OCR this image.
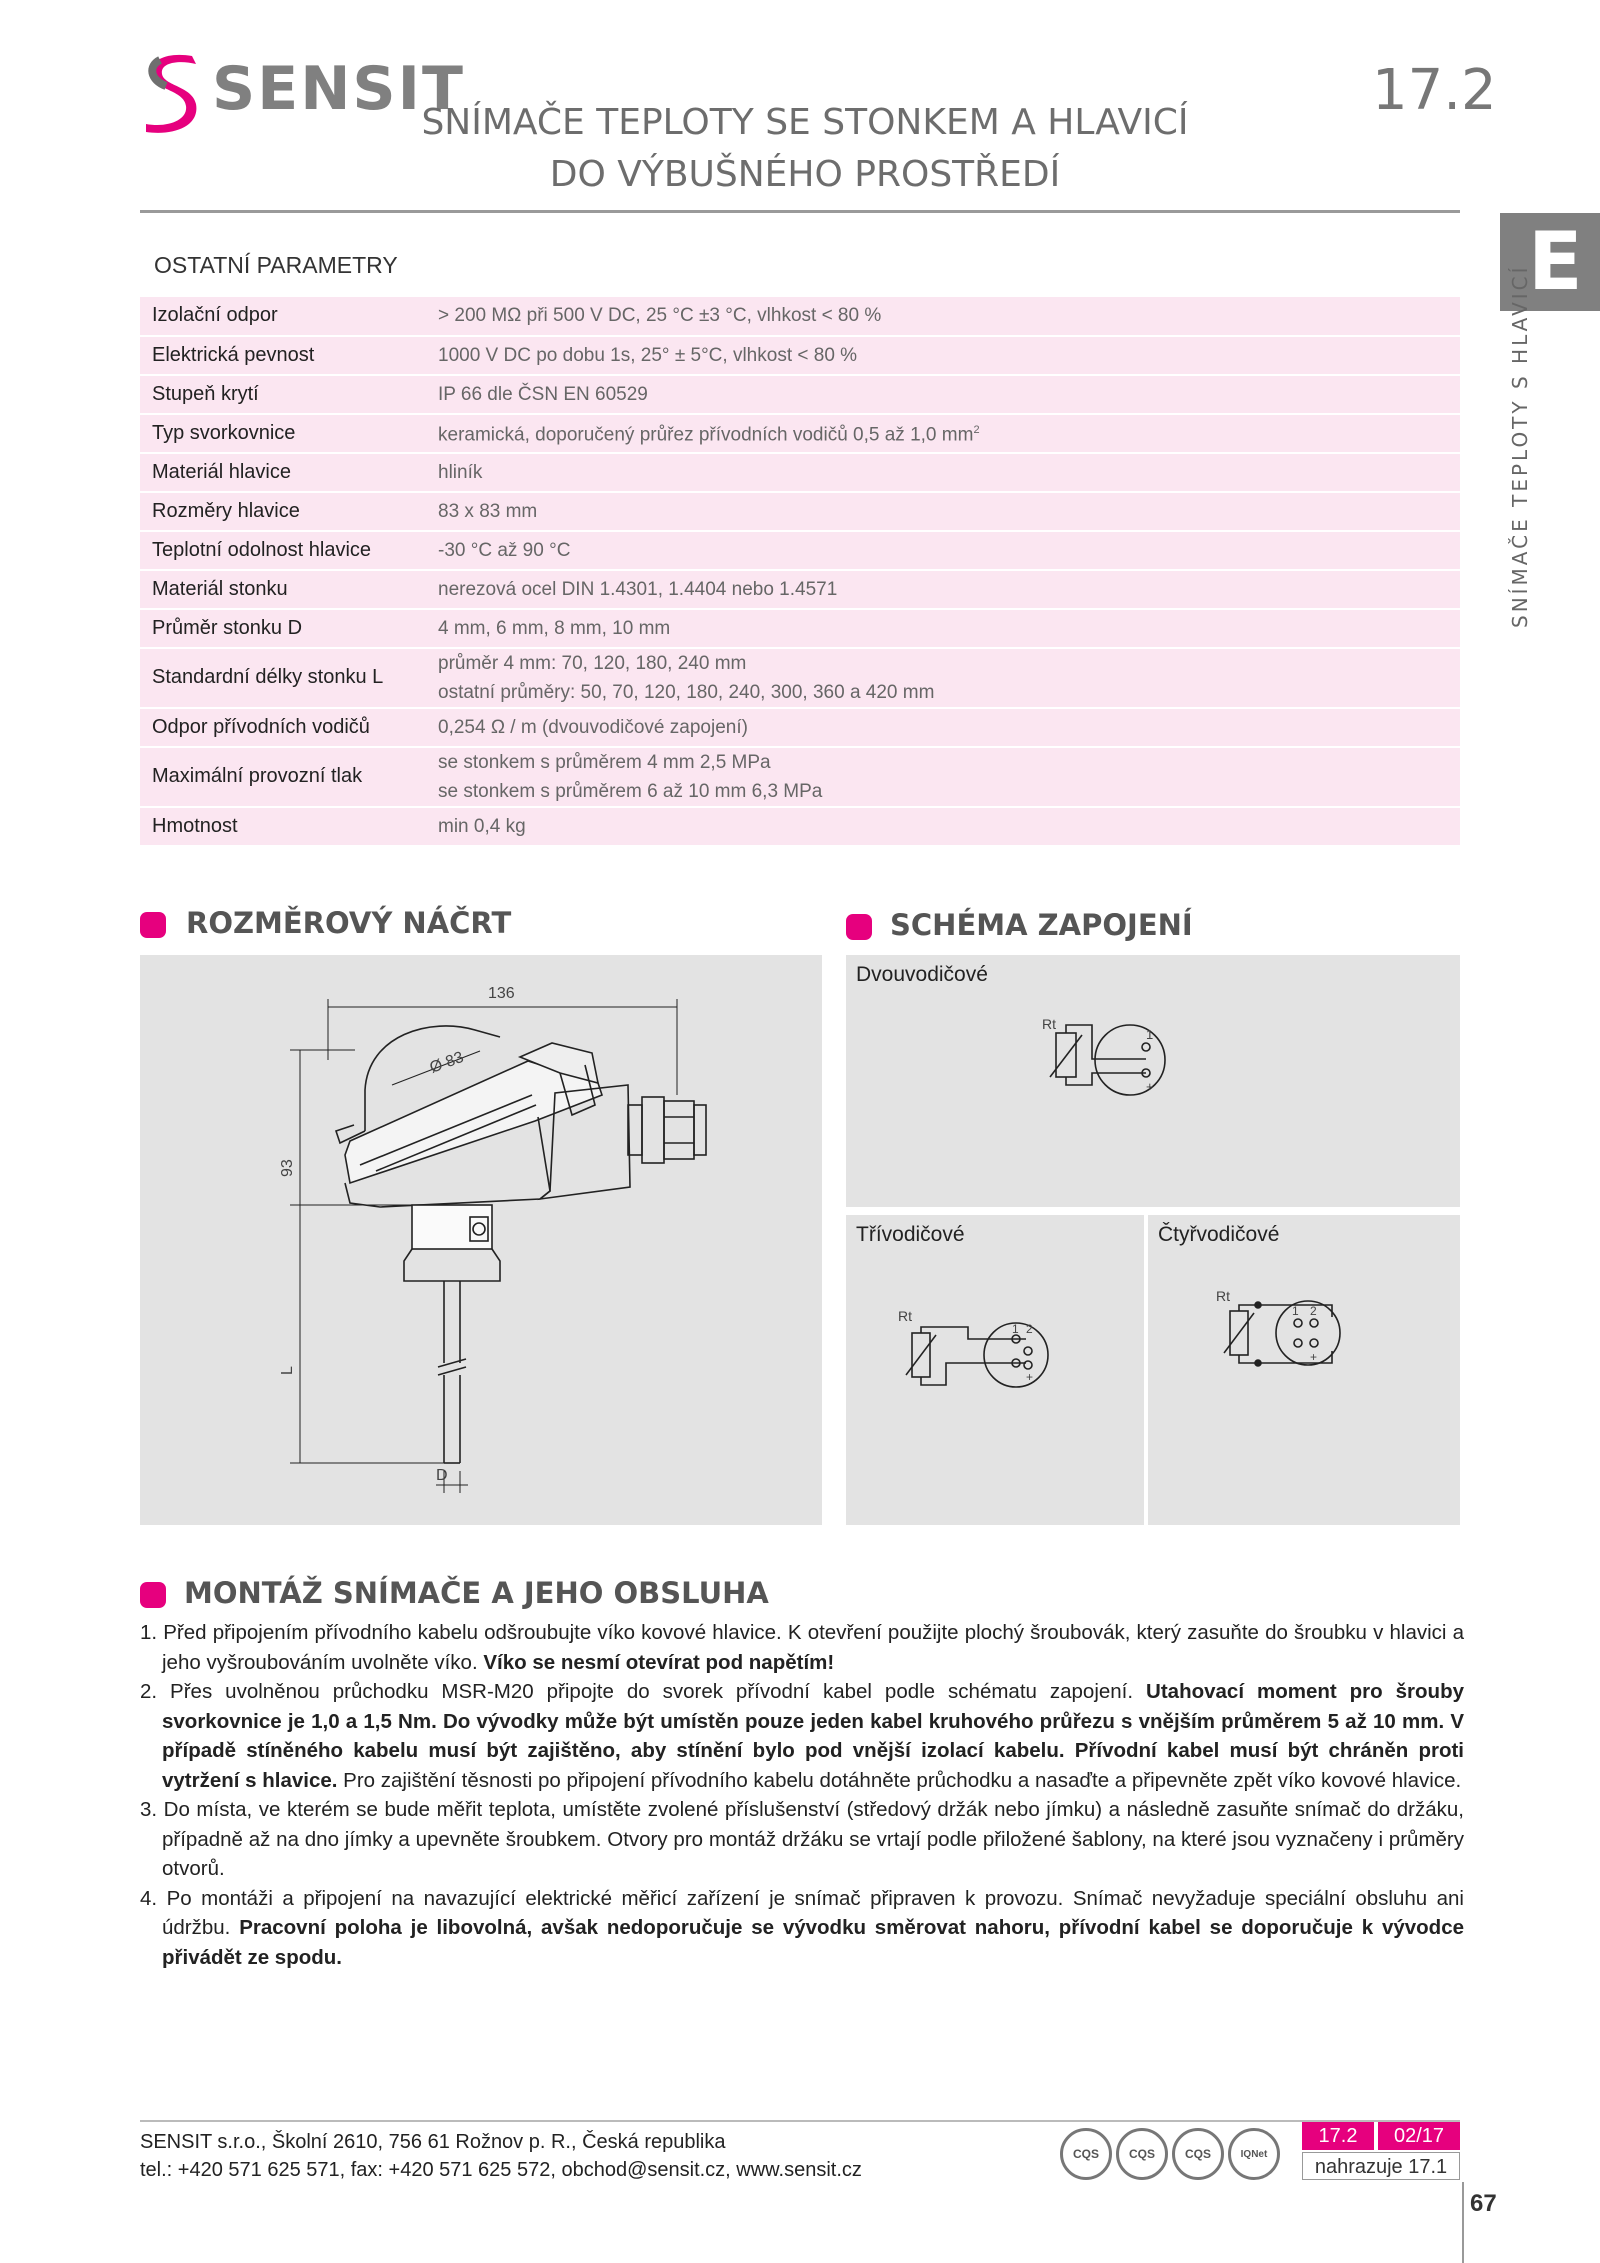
SENSIT	17.2
SNÍMAČE TEPLOTY SE STONKEM A HLAVICÍ
DO VÝBUŠNÉHO PROSTŘEDÍ
E
SNÍMAČE TEPLOTY S HLAVICÍ
OSTATNÍ PARAMETRY
Izolační odpor	> 200 MΩ při 500 V DC, 25 °C ±3 °C, vlhkost < 80 %
Elektrická pevnost	1000 V DC po dobu 1s, 25° ± 5°C, vlhkost < 80 %
Stupeň krytí	IP 66 dle ČSN EN 60529
Typ svorkovnice	keramická, doporučený průřez přívodních vodičů 0,5 až 1,0 $mm^2$
Materiál hlavice	hliník
Rozměry hlavice	83 x 83 mm
Teplotní odolnost hlavice	-30 °C až 90 °C
Materiál stonku	nerezová ocel DIN 1.4301, 1.4404 nebo 1.4571
Průměr stonku D	4 mm, 6 mm, 8 mm, 10 mm
Standardní délky stonku L	průměr 4 mm: 70, 120, 180, 240 mm
ostatní průměry: 50, 70, 120, 180, 240, 300, 360 a 420 mm
Odpor přívodních vodičů	0,254 Ω / m (dvouvodičové zapojení)
Maximální provozní tlak	se stonkem s průměrem 4 mm 2,5 MPa
se stonkem s průměrem 6 až 10 mm 6,3 MPa
Hmotnost	min 0,4 kg
ROZMĚROVÝ NÁČRT
136
Ø 83
93
L
D
SCHÉMA ZAPOJENÍ
Dvouvodičové
Rt
1
+
Třívodičové
Rt
1 2
+
Čtyřvodičové
Rt
1 2
+
MONTÁŽ SNÍMAČE A JEHO OBSLUHA

1. Před připojením přívodního kabelu odšroubujte víko kovové hlavice. K otevření použijte plochý šroubovák, který zasuňte do šroubku v hlavici a jeho vyšroubováním uvolněte víko. Víko se nesmí otevírat pod napětím!

2. Přes uvolněnou průchodku MSR-M20 připojte do svorek přívodní kabel podle schématu zapojení. Utahovací moment pro šrouby svorkovnice je 1,0 a 1,5 Nm. Do vývodky může být umístěn pouze jeden kabel kruhového průřezu s vnějším průměrem 5 až 10 mm. V případě stíněného kabelu musí být zajištěno, aby stínění bylo pod vnější izolací kabelu. Přívodní kabel musí být chráněn proti vytržení s hlavice. Pro zajištění těsnosti po připojení přívodního kabelu dotáhněte průchodku a nasaďte a připevněte zpět víko kovové hlavice.

3. Do místa, ve kterém se bude měřit teplota, umístěte zvolené příslušenství (středový držák nebo jímku) a následně zasuňte snímač do držáku, případně až na dno jímky a upevněte šroubkem. Otvory pro montáž držáku se vrtají podle přiložené šablony, na které jsou vyznačeny i průměry otvorů.

4. Po montáži a připojení na navazující elektrické měřicí zařízení je snímač připraven k provozu. Snímač nevyžaduje speciální obsluhu ani údržbu. Pracovní poloha je libovolná, avšak nedoporučuje se vývodku směrovat nahoru, přívodní kabel se doporučuje k vývodce přivádět ze spodu.

SENSIT s.r.o., Školní 2610, 756 61 Rožnov p. R., Česká republika
tel.: +420 571 625 571, fax: +420 571 625 572, obchod@sensit.cz, www.sensit.cz
CQS	CQS	CQS	IQNet
17.2	02/17
nahrazuje 17.1
67
